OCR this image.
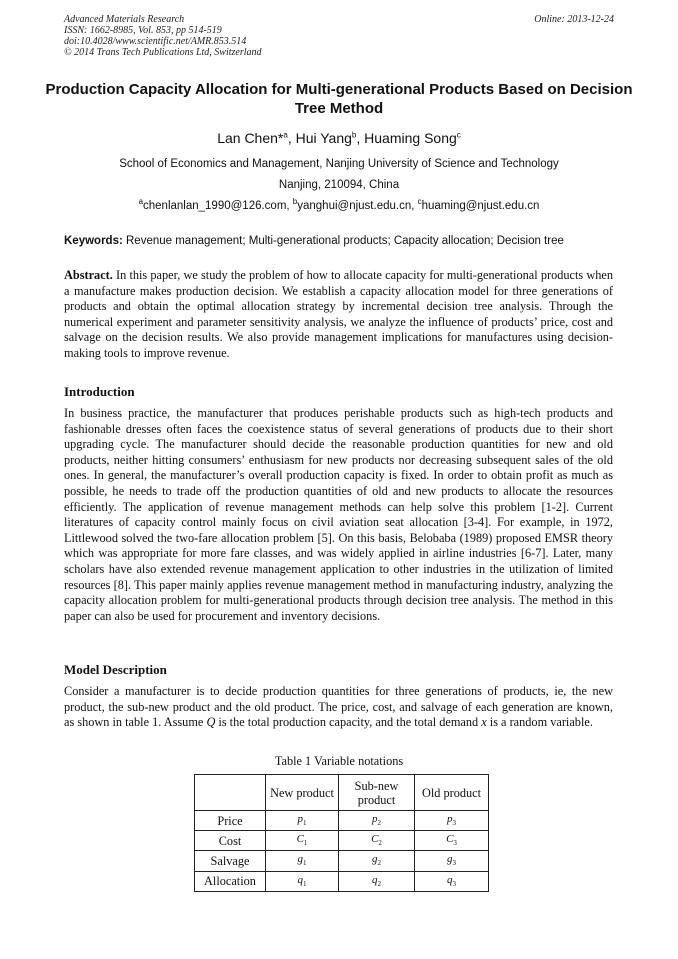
Advanced Materials Research
ISSN: 1662-8985, Vol. 853, pp 514-519
doi:10.4028/www.scientific.net/AMR.853.514
© 2014 Trans Tech Publications Ltd, Switzerland
Online: 2013-12-24
Production Capacity Allocation for Multi-generational Products Based on Decision Tree Method
Lan Chen*$^a$, Hui Yang$^b$, Huaming Song$^c$
School of Economics and Management, Nanjing University of Science and Technology
Nanjing, 210094, China
$^a$chenlanlan_1990@126.com, $^b$yanghui@njust.edu.cn, $^c$huaming@njust.edu.cn
Keywords: Revenue management; Multi-generational products; Capacity allocation; Decision tree

Abstract. In this paper, we study the problem of how to allocate capacity for multi-generational products when a manufacture makes production decision. We establish a capacity allocation model for three generations of products and obtain the optimal allocation strategy by incremental decision tree analysis. Through the numerical experiment and parameter sensitivity analysis, we analyze the influence of products’ price, cost and salvage on the decision results. We also provide management implications for manufactures using decision-making tools to improve revenue.

Introduction

In business practice, the manufacturer that produces perishable products such as high-tech products and fashionable dresses often faces the coexistence status of several generations of products due to their short upgrading cycle. The manufacturer should decide the reasonable production quantities for new and old products, neither hitting consumers’ enthusiasm for new products nor decreasing subsequent sales of the old ones. In general, the manufacturer’s overall production capacity is fixed. In order to obtain profit as much as possible, he needs to trade off the production quantities of old and new products to allocate the resources efficiently. The application of revenue management methods can help solve this problem [1-2]. Current literatures of capacity control mainly focus on civil aviation seat allocation [3-4]. For example, in 1972, Littlewood solved the two-fare allocation problem [5]. On this basis, Belobaba (1989) proposed EMSR theory which was appropriate for more fare classes, and was widely applied in airline industries [6-7]. Later, many scholars have also extended revenue management application to other industries in the utilization of limited resources [8]. This paper mainly applies revenue management method in manufacturing industry, analyzing the capacity allocation problem for multi-generational products through decision tree analysis. The method in this paper can also be used for procurement and inventory decisions.

Model Description

Consider a manufacturer is to decide production quantities for three generations of products, ie, the new product, the sub-new product and the old product. The price, cost, and salvage of each generation are known, as shown in table 1. Assume Q is the total production capacity, and the total demand x is a random variable.

Table 1 Variable notations
	New product	Sub-new product	Old product
Price	$p_1$	$p_2$	$p_3$
Cost	$C_1$	$C_2$	$C_3$
Salvage	$g_1$	$g_2$	$g_3$
Allocation	$q_1$	$q_2$	$q_3$
